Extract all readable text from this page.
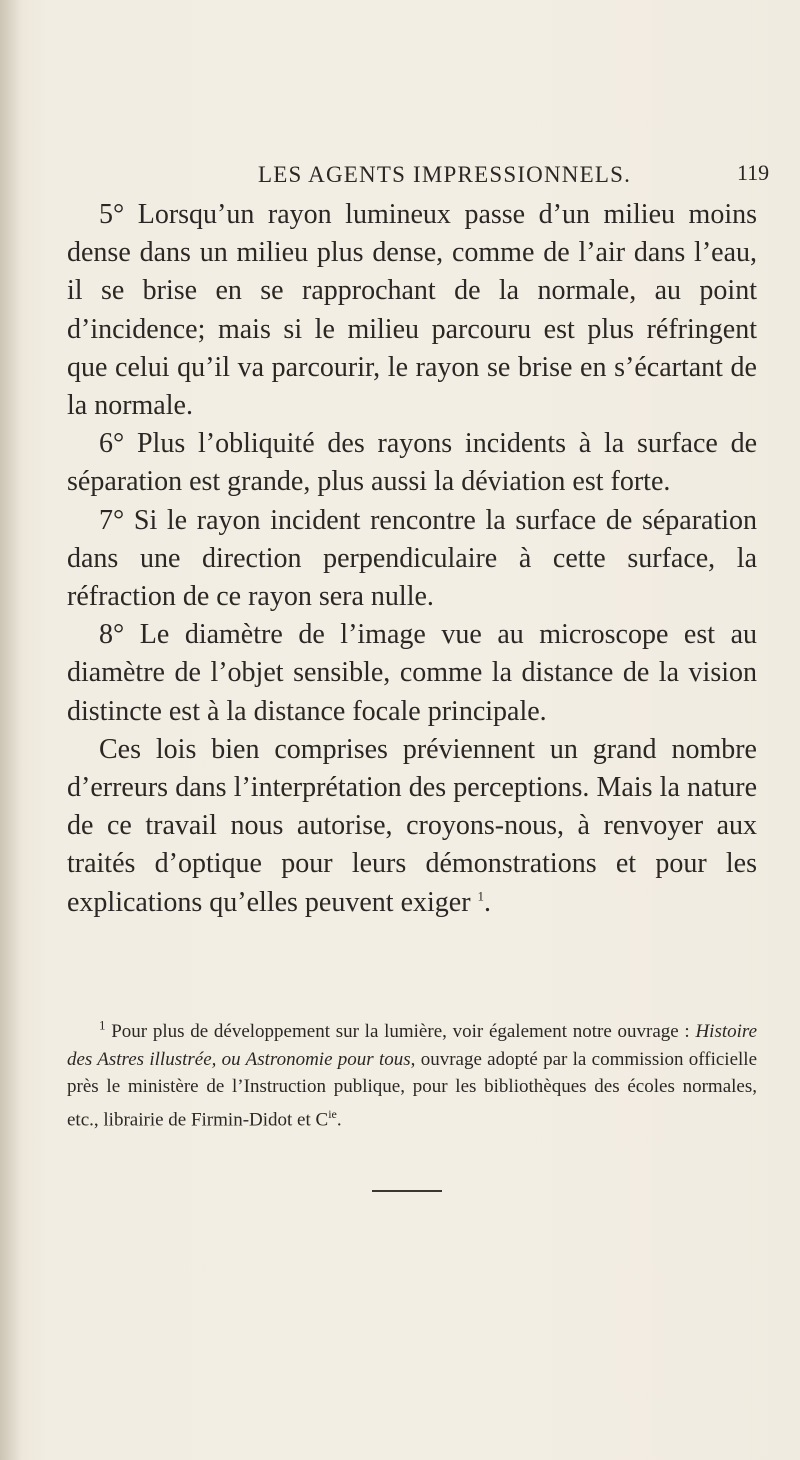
LES AGENTS IMPRESSIONNELS.	119

5° Lorsqu’un rayon lumineux passe d’un milieu moins dense dans un milieu plus dense, comme de l’air dans l’eau, il se brise en se rapprochant de la normale, au point d’incidence; mais si le milieu parcouru est plus réfringent que celui qu’il va parcourir, le rayon se brise en s’écartant de la normale.

6° Plus l’obliquité des rayons incidents à la surface de séparation est grande, plus aussi la déviation est forte.

7° Si le rayon incident rencontre la surface de séparation dans une direction perpendiculaire à cette surface, la réfraction de ce rayon sera nulle.

8° Le diamètre de l’image vue au microscope est au diamètre de l’objet sensible, comme la distance de la vision distincte est à la distance focale principale.

Ces lois bien comprises préviennent un grand nombre d’erreurs dans l’interprétation des perceptions. Mais la nature de ce travail nous autorise, croyons-nous, à renvoyer aux traités d’optique pour leurs démonstrations et pour les explications qu’elles peuvent exiger $^1$.

$^1$ Pour plus de développement sur la lumière, voir également notre ouvrage : Histoire des Astres illustrée, ou Astronomie pour tous, ouvrage adopté par la commission officielle près le ministère de l’Instruction publique, pour les bibliothèques des écoles normales, etc., librairie de Firmin-Didot et $C^{ie}$.
